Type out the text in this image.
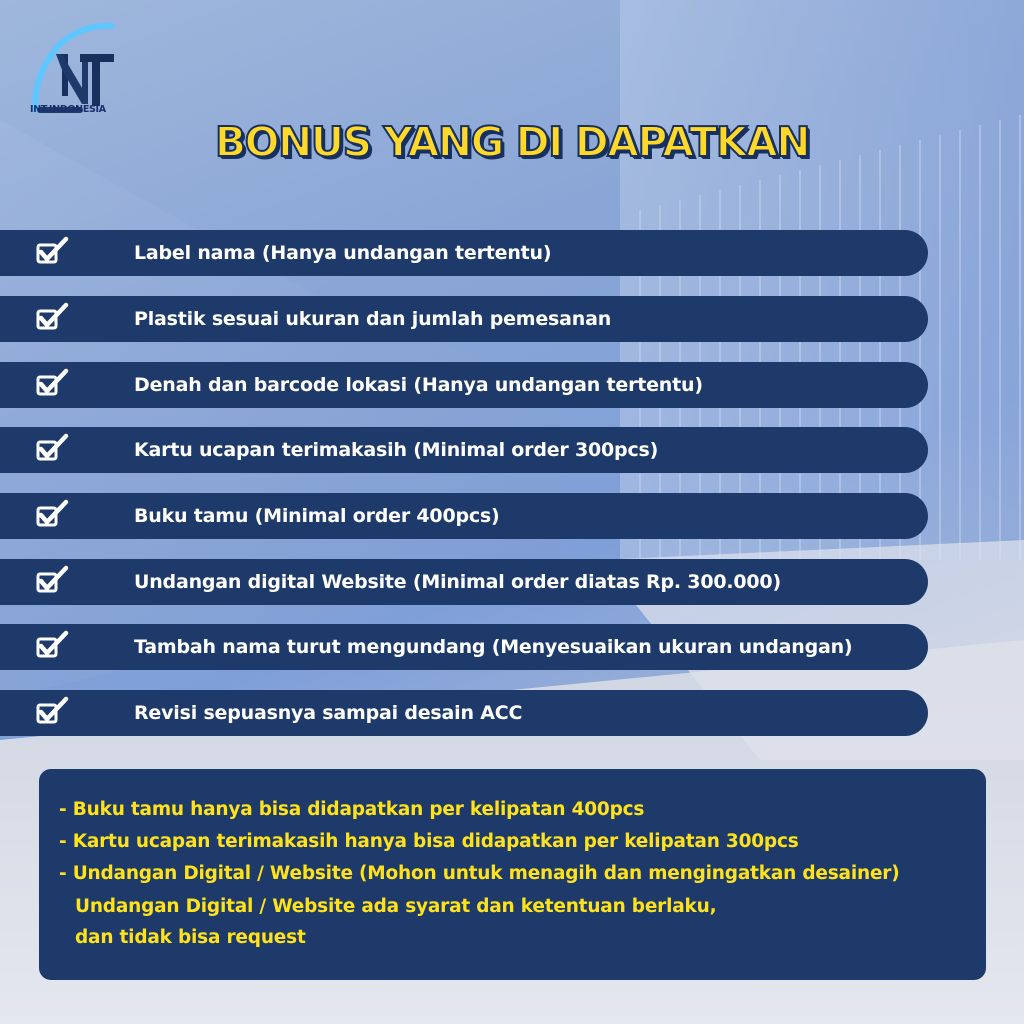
INT.INDONESIA
BONUS YANG DI DAPATKAN
Label nama (Hanya undangan tertentu)
Plastik sesuai ukuran dan jumlah pemesanan
Denah dan barcode lokasi (Hanya undangan tertentu)
Kartu ucapan terimakasih (Minimal order 300pcs)
Buku tamu (Minimal order 400pcs)
Undangan digital Website (Minimal order diatas Rp. 300.000)
Tambah nama turut mengundang (Menyesuaikan ukuran undangan)
Revisi sepuasnya sampai desain ACC
- Buku tamu hanya bisa didapatkan per kelipatan 400pcs
- Kartu ucapan terimakasih hanya bisa didapatkan per kelipatan 300pcs
- Undangan Digital / Website (Mohon untuk menagih dan mengingatkan desainer)
Undangan Digital / Website ada syarat dan ketentuan berlaku,
dan tidak bisa request
